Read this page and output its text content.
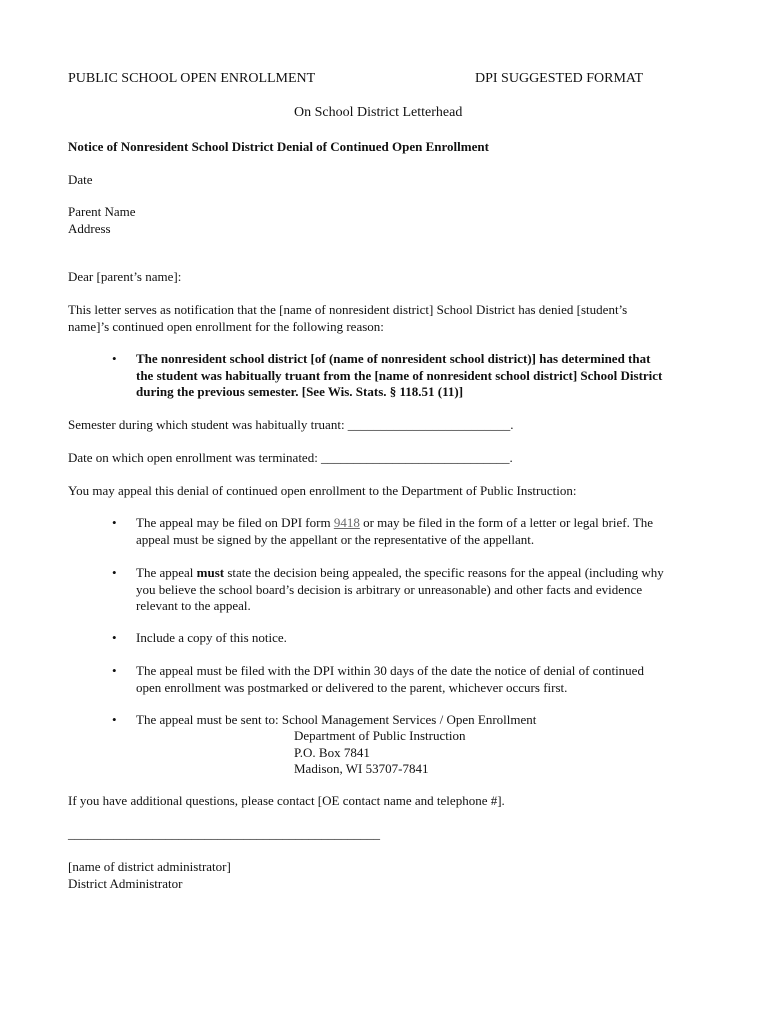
PUBLIC SCHOOL OPEN ENROLLMENT	DPI SUGGESTED FORMAT

On School District Letterhead

Notice of Nonresident School District Denial of Continued Open Enrollment

Date

Parent Name
Address

Dear [parent’s name]:

This letter serves as notification that the [name of nonresident district] School District has denied [student’s
name]’s continued open enrollment for the following reason:
• The nonresident school district [of (name of nonresident school district)] has determined that
the student was habitually truant from the [name of nonresident school district] School District
during the previous semester. [See Wis. Stats. § 118.51 (11)]

Semester during which student was habitually truant: _________________________.

Date on which open enrollment was terminated: _____________________________.

You may appeal this denial of continued open enrollment to the Department of Public Instruction:

• The appeal may be filed on DPI form 9418 or may be filed in the form of a letter or legal brief. The
appeal must be signed by the appellant or the representative of the appellant.
• The appeal must state the decision being appealed, the specific reasons for the appeal (including why
you believe the school board’s decision is arbitrary or unreasonable) and other facts and evidence
relevant to the appeal.
• Include a copy of this notice.
• The appeal must be filed with the DPI within 30 days of the date the notice of denial of continued
open enrollment was postmarked or delivered to the parent, whichever occurs first.
• The appeal must be sent to: School Management Services / Open Enrollment
Department of Public Instruction
P.O. Box 7841
Madison, WI 53707-7841

If you have additional questions, please contact [OE contact name and telephone #].

________________________________________________

[name of district administrator]
District Administrator
